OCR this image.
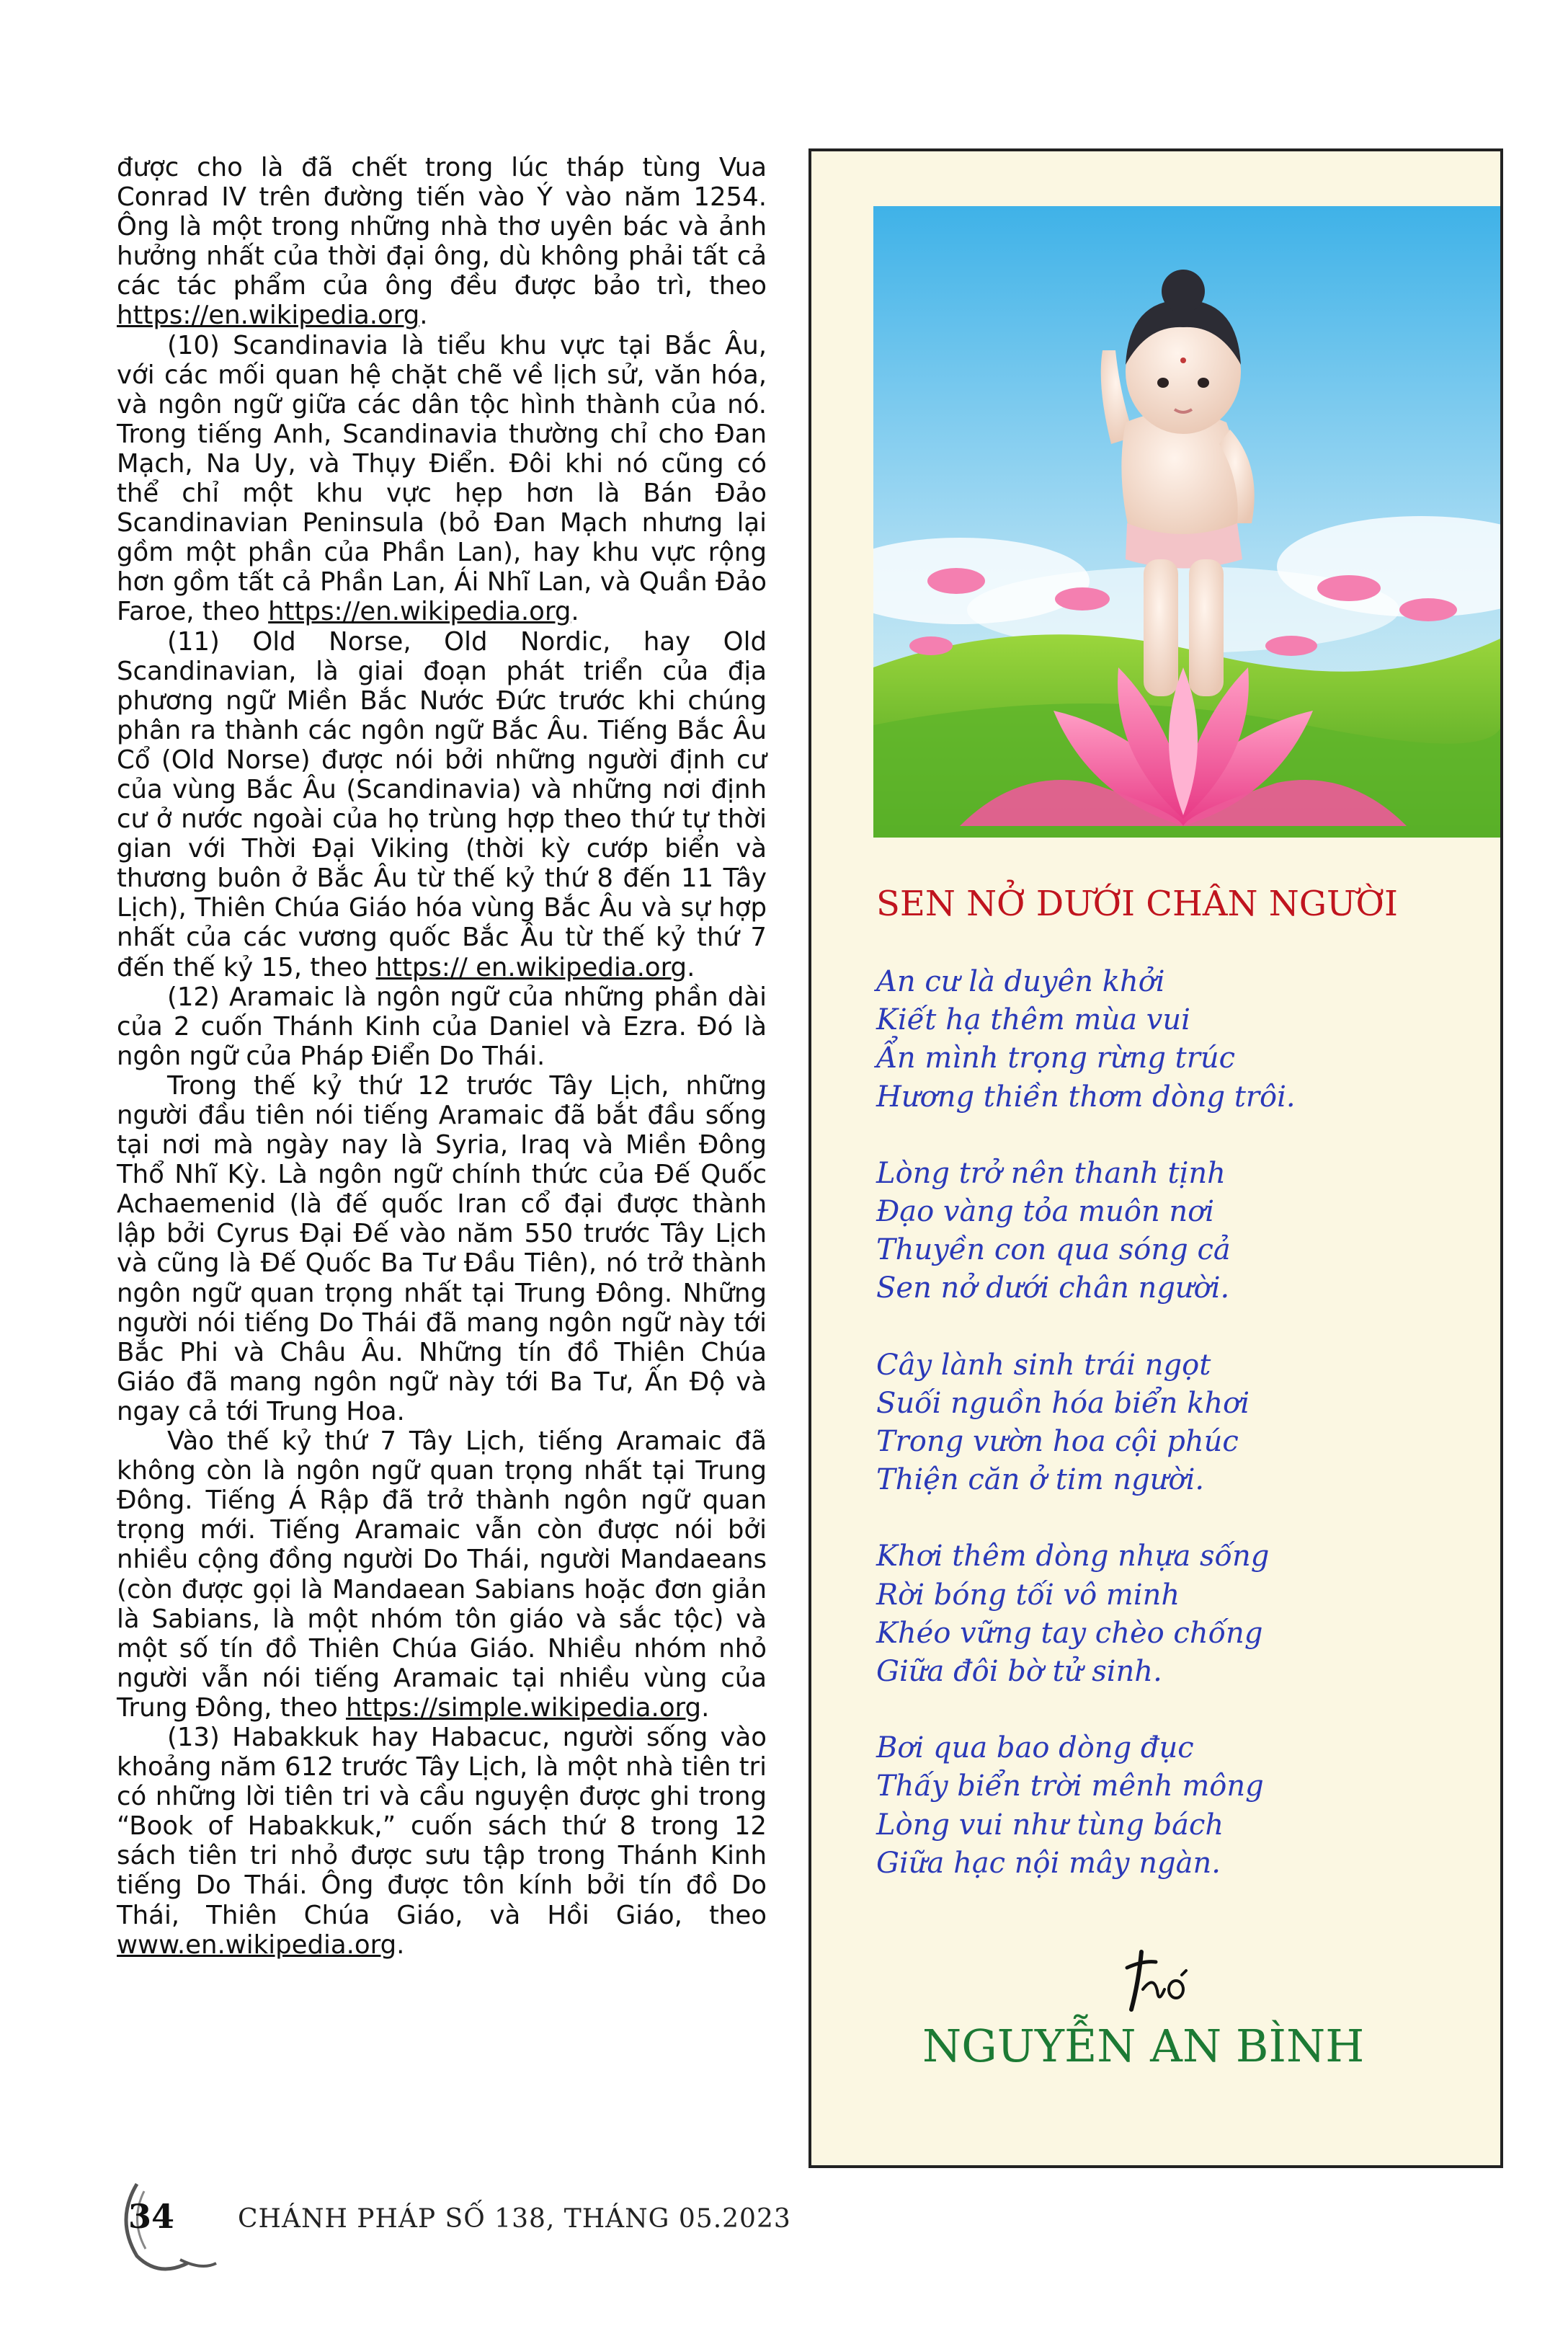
được cho là đã chết trong lúc tháp tùng Vua Conrad IV trên đường tiến vào Ý vào năm 1254. Ông là một trong những nhà thơ uyên bác và ảnh hưởng nhất của thời đại ông, dù không phải tất cả các tác phẩm của ông đều được bảo trì, theo https://en.wikipedia.org.

(10) Scandinavia là tiểu khu vực tại Bắc Âu, với các mối quan hệ chặt chẽ về lịch sử, văn hóa, và ngôn ngữ giữa các dân tộc hình thành của nó. Trong tiếng Anh, Scandinavia thường chỉ cho Đan Mạch, Na Uy, và Thụy Điển. Đôi khi nó cũng có thể chỉ một khu vực hẹp hơn là Bán Đảo Scandinavian Peninsula (bỏ Đan Mạch nhưng lại gồm một phần của Phần Lan), hay khu vực rộng hơn gồm tất cả Phần Lan, Ái Nhĩ Lan, và Quần Đảo Faroe, theo https://en.wikipedia.org.

(11) Old Norse, Old Nordic, hay Old Scandinavian, là giai đoạn phát triển của địa phương ngữ Miền Bắc Nước Đức trước khi chúng phân ra thành các ngôn ngữ Bắc Âu. Tiếng Bắc Âu Cổ (Old Norse) được nói bởi những người định cư của vùng Bắc Âu (Scandinavia) và những nơi định cư ở nước ngoài của họ trùng hợp theo thứ tự thời gian với Thời Đại Viking (thời kỳ cướp biển và thương buôn ở Bắc Âu từ thế kỷ thứ 8 đến 11 Tây Lịch), Thiên Chúa Giáo hóa vùng Bắc Âu và sự hợp nhất của các vương quốc Bắc Âu từ thế kỷ thứ 7 đến thế kỷ 15, theo https:// en.wikipedia.org.

(12) Aramaic là ngôn ngữ của những phần dài của 2 cuốn Thánh Kinh của Daniel và Ezra. Đó là ngôn ngữ của Pháp Điển Do Thái.

Trong thế kỷ thứ 12 trước Tây Lịch, những người đầu tiên nói tiếng Aramaic đã bắt đầu sống tại nơi mà ngày nay là Syria, Iraq và Miền Đông Thổ Nhĩ Kỳ. Là ngôn ngữ chính thức của Đế Quốc Achaemenid (là đế quốc Iran cổ đại được thành lập bởi Cyrus Đại Đế vào năm 550 trước Tây Lịch và cũng là Đế Quốc Ba Tư Đầu Tiên), nó trở thành ngôn ngữ quan trọng nhất tại Trung Đông. Những người nói tiếng Do Thái đã mang ngôn ngữ này tới Bắc Phi và Châu Âu. Những tín đồ Thiên Chúa Giáo đã mang ngôn ngữ này tới Ba Tư, Ấn Độ và ngay cả tới Trung Hoa.

Vào thế kỷ thứ 7 Tây Lịch, tiếng Aramaic đã không còn là ngôn ngữ quan trọng nhất tại Trung Đông. Tiếng Á Rập đã trở thành ngôn ngữ quan trọng mới. Tiếng Aramaic vẫn còn được nói bởi nhiều cộng đồng người Do Thái, người Mandaeans (còn được gọi là Mandaean Sabians hoặc đơn giản là Sabians, là một nhóm tôn giáo và sắc tộc) và một số tín đồ Thiên Chúa Giáo. Nhiều nhóm nhỏ người vẫn nói tiếng Aramaic tại nhiều vùng của Trung Đông, theo https://simple.wikipedia.org.

(13) Habakkuk hay Habacuc, người sống vào khoảng năm 612 trước Tây Lịch, là một nhà tiên tri có những lời tiên tri và cầu nguyện được ghi trong “Book of Habakkuk,” cuốn sách thứ 8 trong 12 sách tiên tri nhỏ được sưu tập trong Thánh Kinh tiếng Do Thái. Ông được tôn kính bởi tín đồ Do Thái, Thiên Chúa Giáo, và Hồi Giáo, theo www.en.wikipedia.org.

SEN NỞ DƯỚI CHÂN NGƯỜI
An cư là duyên khởi
Kiết hạ thêm mùa vui
Ẩn mình trọng rừng trúc
Hương thiền thơm dòng trôi.
Lòng trở nên thanh tịnh
Đạo vàng tỏa muôn nơi
Thuyền con qua sóng cả
Sen nở dưới chân người.
Cây lành sinh trái ngọt
Suối nguồn hóa biển khơi
Trong vườn hoa cội phúc
Thiện căn ở tim người.
Khơi thêm dòng nhựa sống
Rời bóng tối vô minh
Khéo vững tay chèo chống
Giữa đôi bờ tử sinh.
Bơi qua bao dòng đục
Thấy biển trời mênh mông
Lòng vui như tùng bách
Giữa hạc nội mây ngàn.
NGUYỄN AN BÌNH
34 CHÁNH PHÁP SỐ 138, THÁNG 05.2023
